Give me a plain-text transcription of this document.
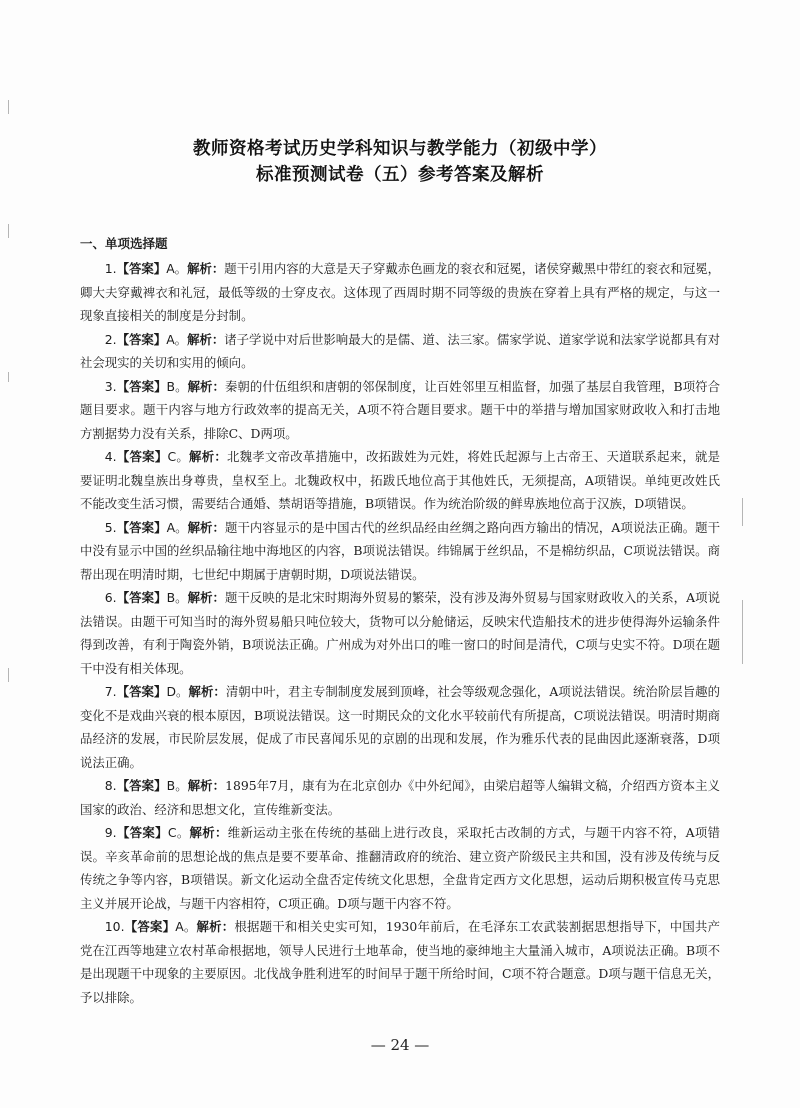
教师资格考试历史学科知识与教学能力（初级中学）
标准预测试卷（五）参考答案及解析
一、单项选择题

1.【答案】A。解析：题干引用内容的大意是天子穿戴赤色画龙的衮衣和冠冕，诸侯穿戴黑中带红的衮衣和冠冕，卿大夫穿戴裨衣和礼冠，最低等级的士穿皮衣。这体现了西周时期不同等级的贵族在穿着上具有严格的规定，与这一现象直接相关的制度是分封制。

2.【答案】A。解析：诸子学说中对后世影响最大的是儒、道、法三家。儒家学说、道家学说和法家学说都具有对社会现实的关切和实用的倾向。

3.【答案】B。解析：秦朝的什伍组织和唐朝的邻保制度，让百姓邻里互相监督，加强了基层自我管理，B项符合题目要求。题干内容与地方行政效率的提高无关，A项不符合题目要求。题干中的举措与增加国家财政收入和打击地方割据势力没有关系，排除C、D两项。

4.【答案】C。解析：北魏孝文帝改革措施中，改拓跋姓为元姓，将姓氏起源与上古帝王、天道联系起来，就是要证明北魏皇族出身尊贵，皇权至上。北魏政权中，拓跋氏地位高于其他姓氏，无须提高，A项错误。单纯更改姓氏不能改变生活习惯，需要结合通婚、禁胡语等措施，B项错误。作为统治阶级的鲜卑族地位高于汉族，D项错误。

5.【答案】A。解析：题干内容显示的是中国古代的丝织品经由丝绸之路向西方输出的情况，A项说法正确。题干中没有显示中国的丝织品输往地中海地区的内容，B项说法错误。纬锦属于丝织品，不是棉纺织品，C项说法错误。商帮出现在明清时期，七世纪中期属于唐朝时期，D项说法错误。

6.【答案】B。解析：题干反映的是北宋时期海外贸易的繁荣，没有涉及海外贸易与国家财政收入的关系，A项说法错误。由题干可知当时的海外贸易船只吨位较大，货物可以分舱储运，反映宋代造船技术的进步使得海外运输条件得到改善，有利于陶瓷外销，B项说法正确。广州成为对外出口的唯一窗口的时间是清代，C项与史实不符。D项在题干中没有相关体现。

7.【答案】D。解析：清朝中叶，君主专制制度发展到顶峰，社会等级观念强化，A项说法错误。统治阶层旨趣的变化不是戏曲兴衰的根本原因，B项说法错误。这一时期民众的文化水平较前代有所提高，C项说法错误。明清时期商品经济的发展，市民阶层发展，促成了市民喜闻乐见的京剧的出现和发展，作为雅乐代表的昆曲因此逐渐衰落，D项说法正确。

8.【答案】B。解析：1895年7月，康有为在北京创办《中外纪闻》，由梁启超等人编辑文稿，介绍西方资本主义国家的政治、经济和思想文化，宣传维新变法。

9.【答案】C。解析：维新运动主张在传统的基础上进行改良，采取托古改制的方式，与题干内容不符，A项错误。辛亥革命前的思想论战的焦点是要不要革命、推翻清政府的统治、建立资产阶级民主共和国，没有涉及传统与反传统之争等内容，B项错误。新文化运动全盘否定传统文化思想，全盘肯定西方文化思想，运动后期积极宣传马克思主义并展开论战，与题干内容相符，C项正确。D项与题干内容不符。

10.【答案】A。解析：根据题干和相关史实可知，1930年前后，在毛泽东工农武装割据思想指导下，中国共产党在江西等地建立农村革命根据地，领导人民进行土地革命，使当地的豪绅地主大量涌入城市，A项说法正确。B项不是出现题干中现象的主要原因。北伐战争胜利进军的时间早于题干所给时间，C项不符合题意。D项与题干信息无关，予以排除。

— 24 —
